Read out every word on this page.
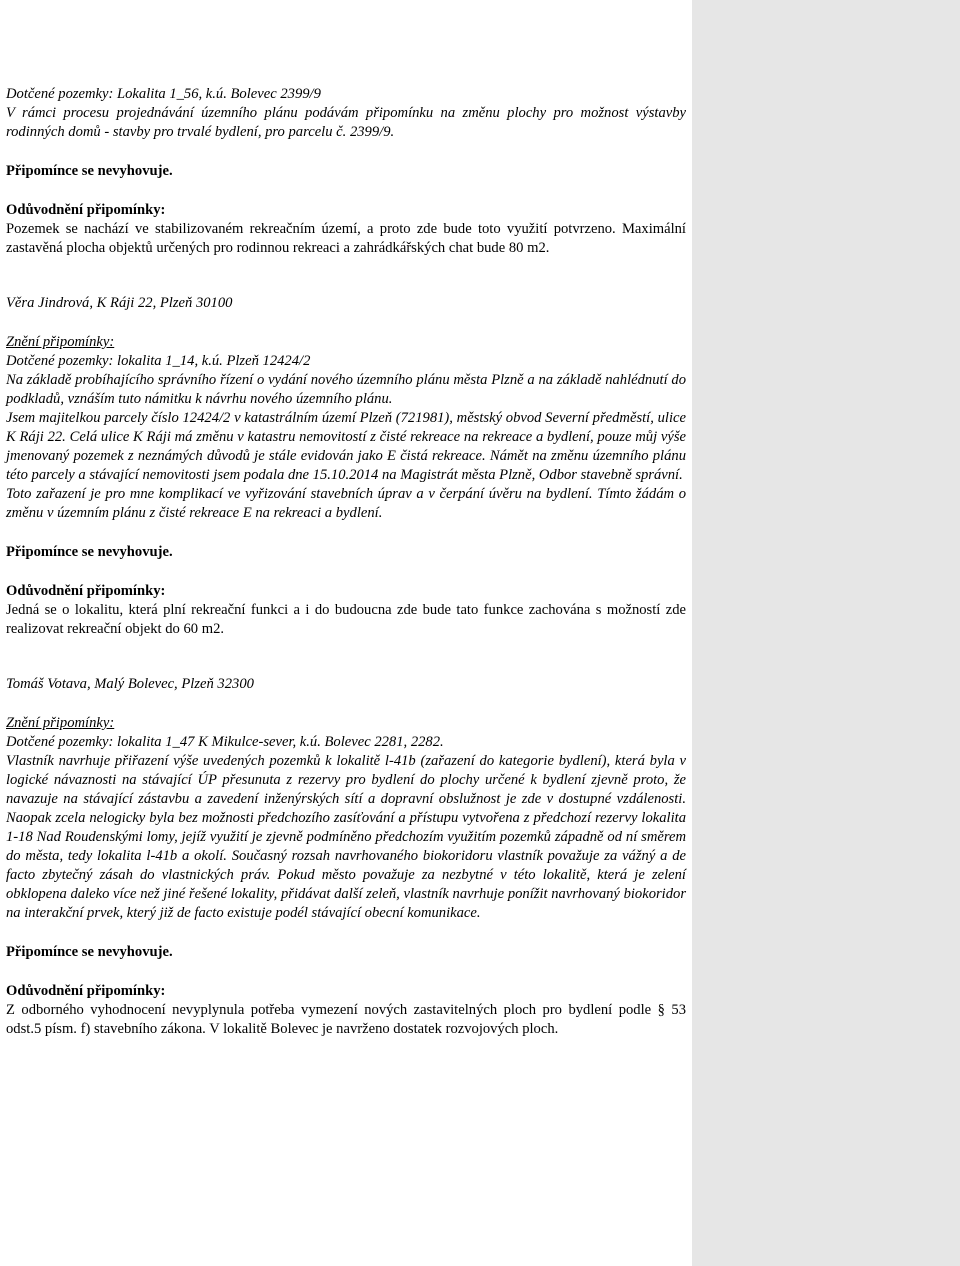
Dotčené pozemky: Lokalita 1_56, k.ú. Bolevec 2399/9

V rámci procesu projednávání územního plánu podávám připomínku na změnu plochy pro možnost výstavby rodinných domů - stavby pro trvalé bydlení, pro parcelu č. 2399/9.

Připomínce se nevyhovuje.

Odůvodnění připomínky:

Pozemek se nachází ve stabilizovaném rekreačním území, a proto zde bude toto využití potvrzeno. Maximální zastavěná plocha objektů určených pro rodinnou rekreaci a zahrádkářských chat bude 80 m2.

Věra Jindrová, K Ráji 22, Plzeň 30100

Znění připomínky:

Dotčené pozemky: lokalita 1_14, k.ú. Plzeň 12424/2

Na základě probíhajícího správního řízení o vydání nového územního plánu města Plzně a na základě nahlédnutí do podkladů, vznáším tuto námitku k návrhu nového územního plánu.

Jsem majitelkou parcely číslo 12424/2 v katastrálním území Plzeň (721981), městský obvod Severní předměstí, ulice K Ráji 22. Celá ulice K Ráji má změnu v katastru nemovitostí z čisté rekreace na rekreace a bydlení, pouze můj výše jmenovaný pozemek z neznámých důvodů je stále evidován jako E čistá rekreace. Námět na změnu územního plánu této parcely a stávající nemovitosti jsem podala dne 15.10.2014 na Magistrát města Plzně, Odbor stavebně správní.

Toto zařazení je pro mne komplikací ve vyřizování stavebních úprav a v čerpání úvěru na bydlení. Tímto žádám o změnu v územním plánu z čisté rekreace E na rekreaci a bydlení.

Připomínce se nevyhovuje.

Odůvodnění připomínky:

Jedná se o lokalitu, která plní rekreační funkci a i do budoucna zde bude tato funkce zachována s možností zde realizovat rekreační objekt do 60 m2.

Tomáš Votava, Malý Bolevec, Plzeň 32300

Znění připomínky:

Dotčené pozemky: lokalita 1_47 K Mikulce-sever, k.ú. Bolevec 2281, 2282.

Vlastník navrhuje přiřazení výše uvedených pozemků k lokalitě l-41b (zařazení do kategorie bydlení), která byla v logické návaznosti na stávající ÚP přesunuta z rezervy pro bydlení do plochy určené k bydlení zjevně proto, že navazuje na stávající zástavbu a zavedení inženýrských sítí a dopravní obslužnost je zde v dostupné vzdálenosti. Naopak zcela nelogicky byla bez možnosti předchozího zasíťování a přístupu vytvořena z předchozí rezervy lokalita 1-18 Nad Roudenskými lomy, jejíž využití je zjevně podmíněno předchozím využitím pozemků západně od ní směrem do města, tedy lokalita l-41b a okolí. Současný rozsah navrhovaného biokoridoru vlastník považuje za vážný a de facto zbytečný zásah do vlastnických práv. Pokud město považuje za nezbytné v této lokalitě, která je zelení obklopena daleko více než jiné řešené lokality, přidávat další zeleň, vlastník navrhuje ponížit navrhovaný biokoridor na interakční prvek, který již de facto existuje podél stávající obecní komunikace.

Připomínce se nevyhovuje.

Odůvodnění připomínky:

Z odborného vyhodnocení nevyplynula potřeba vymezení nových zastavitelných ploch pro bydlení podle § 53 odst.5 písm. f) stavebního zákona. V lokalitě Bolevec je navrženo dostatek rozvojových ploch.
